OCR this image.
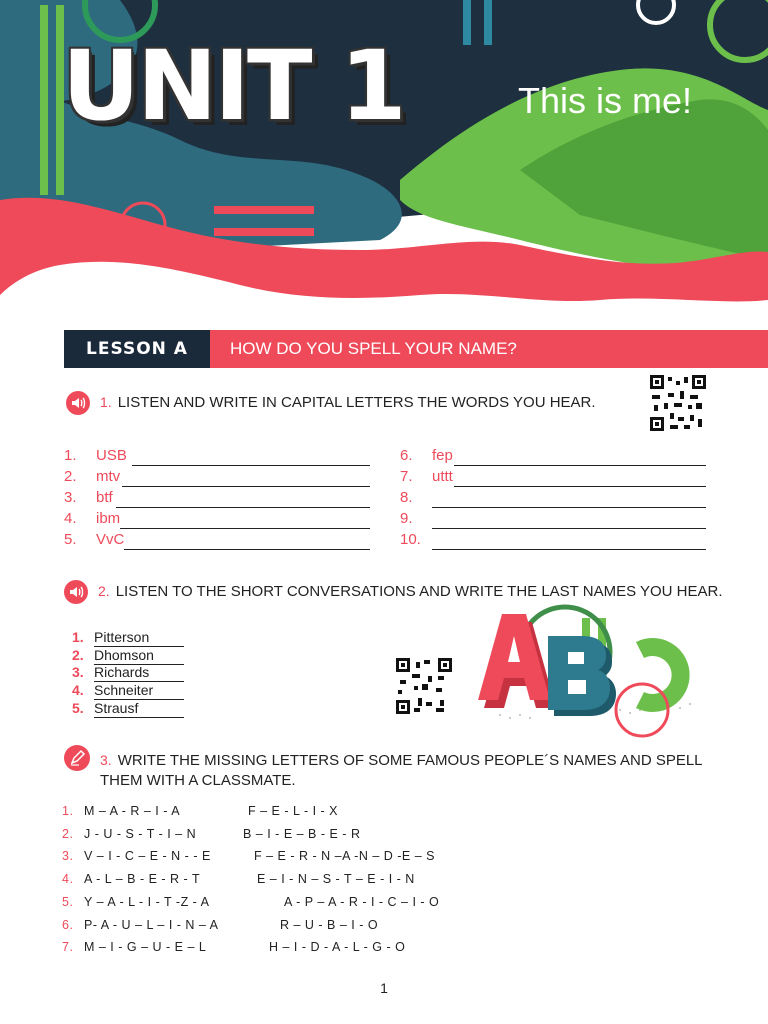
UNIT 1	This is me!
LESSON A	HOW DO YOU SPELL YOUR NAME?
1. LISTEN AND WRITE IN CAPITAL LETTERS THE WORDS YOU HEAR.
1. USB
2. mtv
3. btf
4. ibm
5. VvC
6. fep
7. uttt
8.
9.
10.
2. LISTEN TO THE SHORT CONVERSATIONS AND WRITE THE LAST NAMES YOU HEAR.
1. Pitterson
2. Dhomson
3. Richards
4. Schneiter
5. Strausf
3. WRITE THE MISSING LETTERS OF SOME FAMOUS PEOPLE´S NAMES AND SPELL
THEM WITH A CLASSMATE.
1. M – A - R – I - A	F – E - L - I - X
2. J - U - S - T - I – N	B – I - E – B - E - R
3. V – I - C – E - N - - E	F – E - R - N –A -N – D -E – S
4. A - L – B - E - R - T	E – I - N – S - T – E - I - N
5. Y – A - L - I - T -Z - A	A - P – A - R - I - C – I - O
6. P- A - U – L – I - N – A	R – U - B – I - O
7. M – I - G – U - E – L	H – I - D - A - L - G - O
1
